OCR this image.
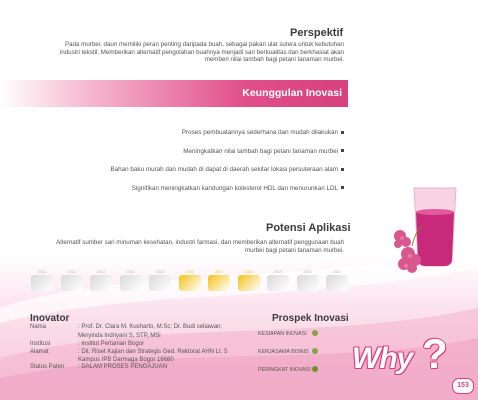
Perspektif
Pada murbei, daun memiliki peran penting daripada buah, sebagai pakan ulat sutera untuk kebutuhan
industri tekstil. Memberikan alternatif pengolahan buahnya menjadi sari berkualitas dan berkhasiat akan
memberi nilai tambah bagi petani tanaman murbei.
Keunggulan Inovasi
Proses pembuatannya sederhana dan mudah dilakukan
Meningkatkan nilai tambah bagi petani tanaman murbei
Bahan baku murah dan mudah di dapat di daerah sekitar lokasi persuteraan alam
Signifikan meningkatkan kandungan kolesterol HDL dan menurunkan LDL
Potensi Aplikasi
Alternatif sumber sari minuman kesehatan, industri farmasi, dan memberikan alternatif penggunaan buah
murbei bagi petani tanaman murbei.
2011	2012	2013	2014	2015	2016	2017	2018	2019	2020	2021
Inovator
Nama	: Prof. Dr. Clara M. Kusharto, M.Sc; Dr. Budi setiawan;
Meryinda Indriyani S, STP, MSi
Institusi	: Institut Pertanian Bogor
Alamat	: Dit. Riset Kajian dan Strategis Ged. Rektorat AHN Lt. 5
Kampus IPB Darmaga Bogor 16680
Status Paten : DALAM PROSES PENGAJUAN
Prospek Inovasi
KESIAPAN INOVASI
KERJASAMA BISNIS
PERINGKAT INOVASI Why ?
153
